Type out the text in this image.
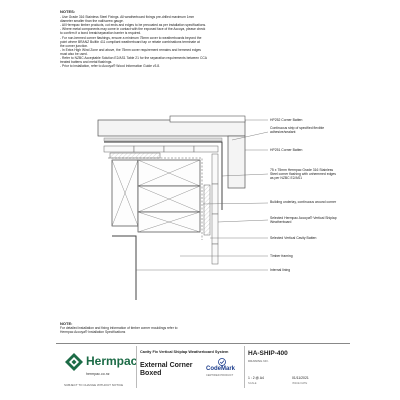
NOTES:
- Use Grade 316 Stainless Steel Fixings. All weatherboard fixings pre-drilled maximum 1mm
diameter smaller than the nail/screw gauge.
- All Hermpac timber products, cut ends and edges to be precoated as per installation specifications.
- Where metal components may come in contact with the exposed face of the Accoya, please check
to confirm if a bond break/separation barrier is required.
- For non-bermed corner flashings, ensure a minimum 75mm cover to weatherboards beyond the
point where BRANZ BuiltIn 411 compliant weatherboard tap or rebate combinations terminate at
the corner junction.
- In Extra High Wind Zone and above, the 75mm cover requirement remains and hemmed edges
must also be used.
- Refer to NZBC Acceptable Solution E2/AS1 Table 21 for the separation requirements between CCA
treated battens and metal flashings.
- Prior to installation, refer to Accoya® Wood Information Guide v3.8.
HP252 Corner Batten
Continuous strip of specified flexible adhesive/sealant
HP251 Corner Batten
75 x 75mm Hermpac Grade 316 Stainless Steel corner flashing with unhemmed edges as per NZBC E2/AS1
Building underlay, continuous around corner
Selected Hermpac Accoya® Vertical Shiplap Weatherboard
Selected Vertical Cavity Batten
Timber framing
Internal lining
NOTE:
For detailed installation and fixing information of timber corner mouldings refer to
Hermpac Accoya® Installation Specifications
Hermpac
hermpac.co.nz
SUBJECT TO CHANGE WITHOUT NOTICE
Cavity Fix Vertical Shiplap Weatherboard System
External Corner
Boxed
CodeMark
CERTIFIED PRODUCT
HA-SHIP-400
DRAWING NO.
1 : 2 @ A4
SCALE
01/11/2021
ISSUE DATE
